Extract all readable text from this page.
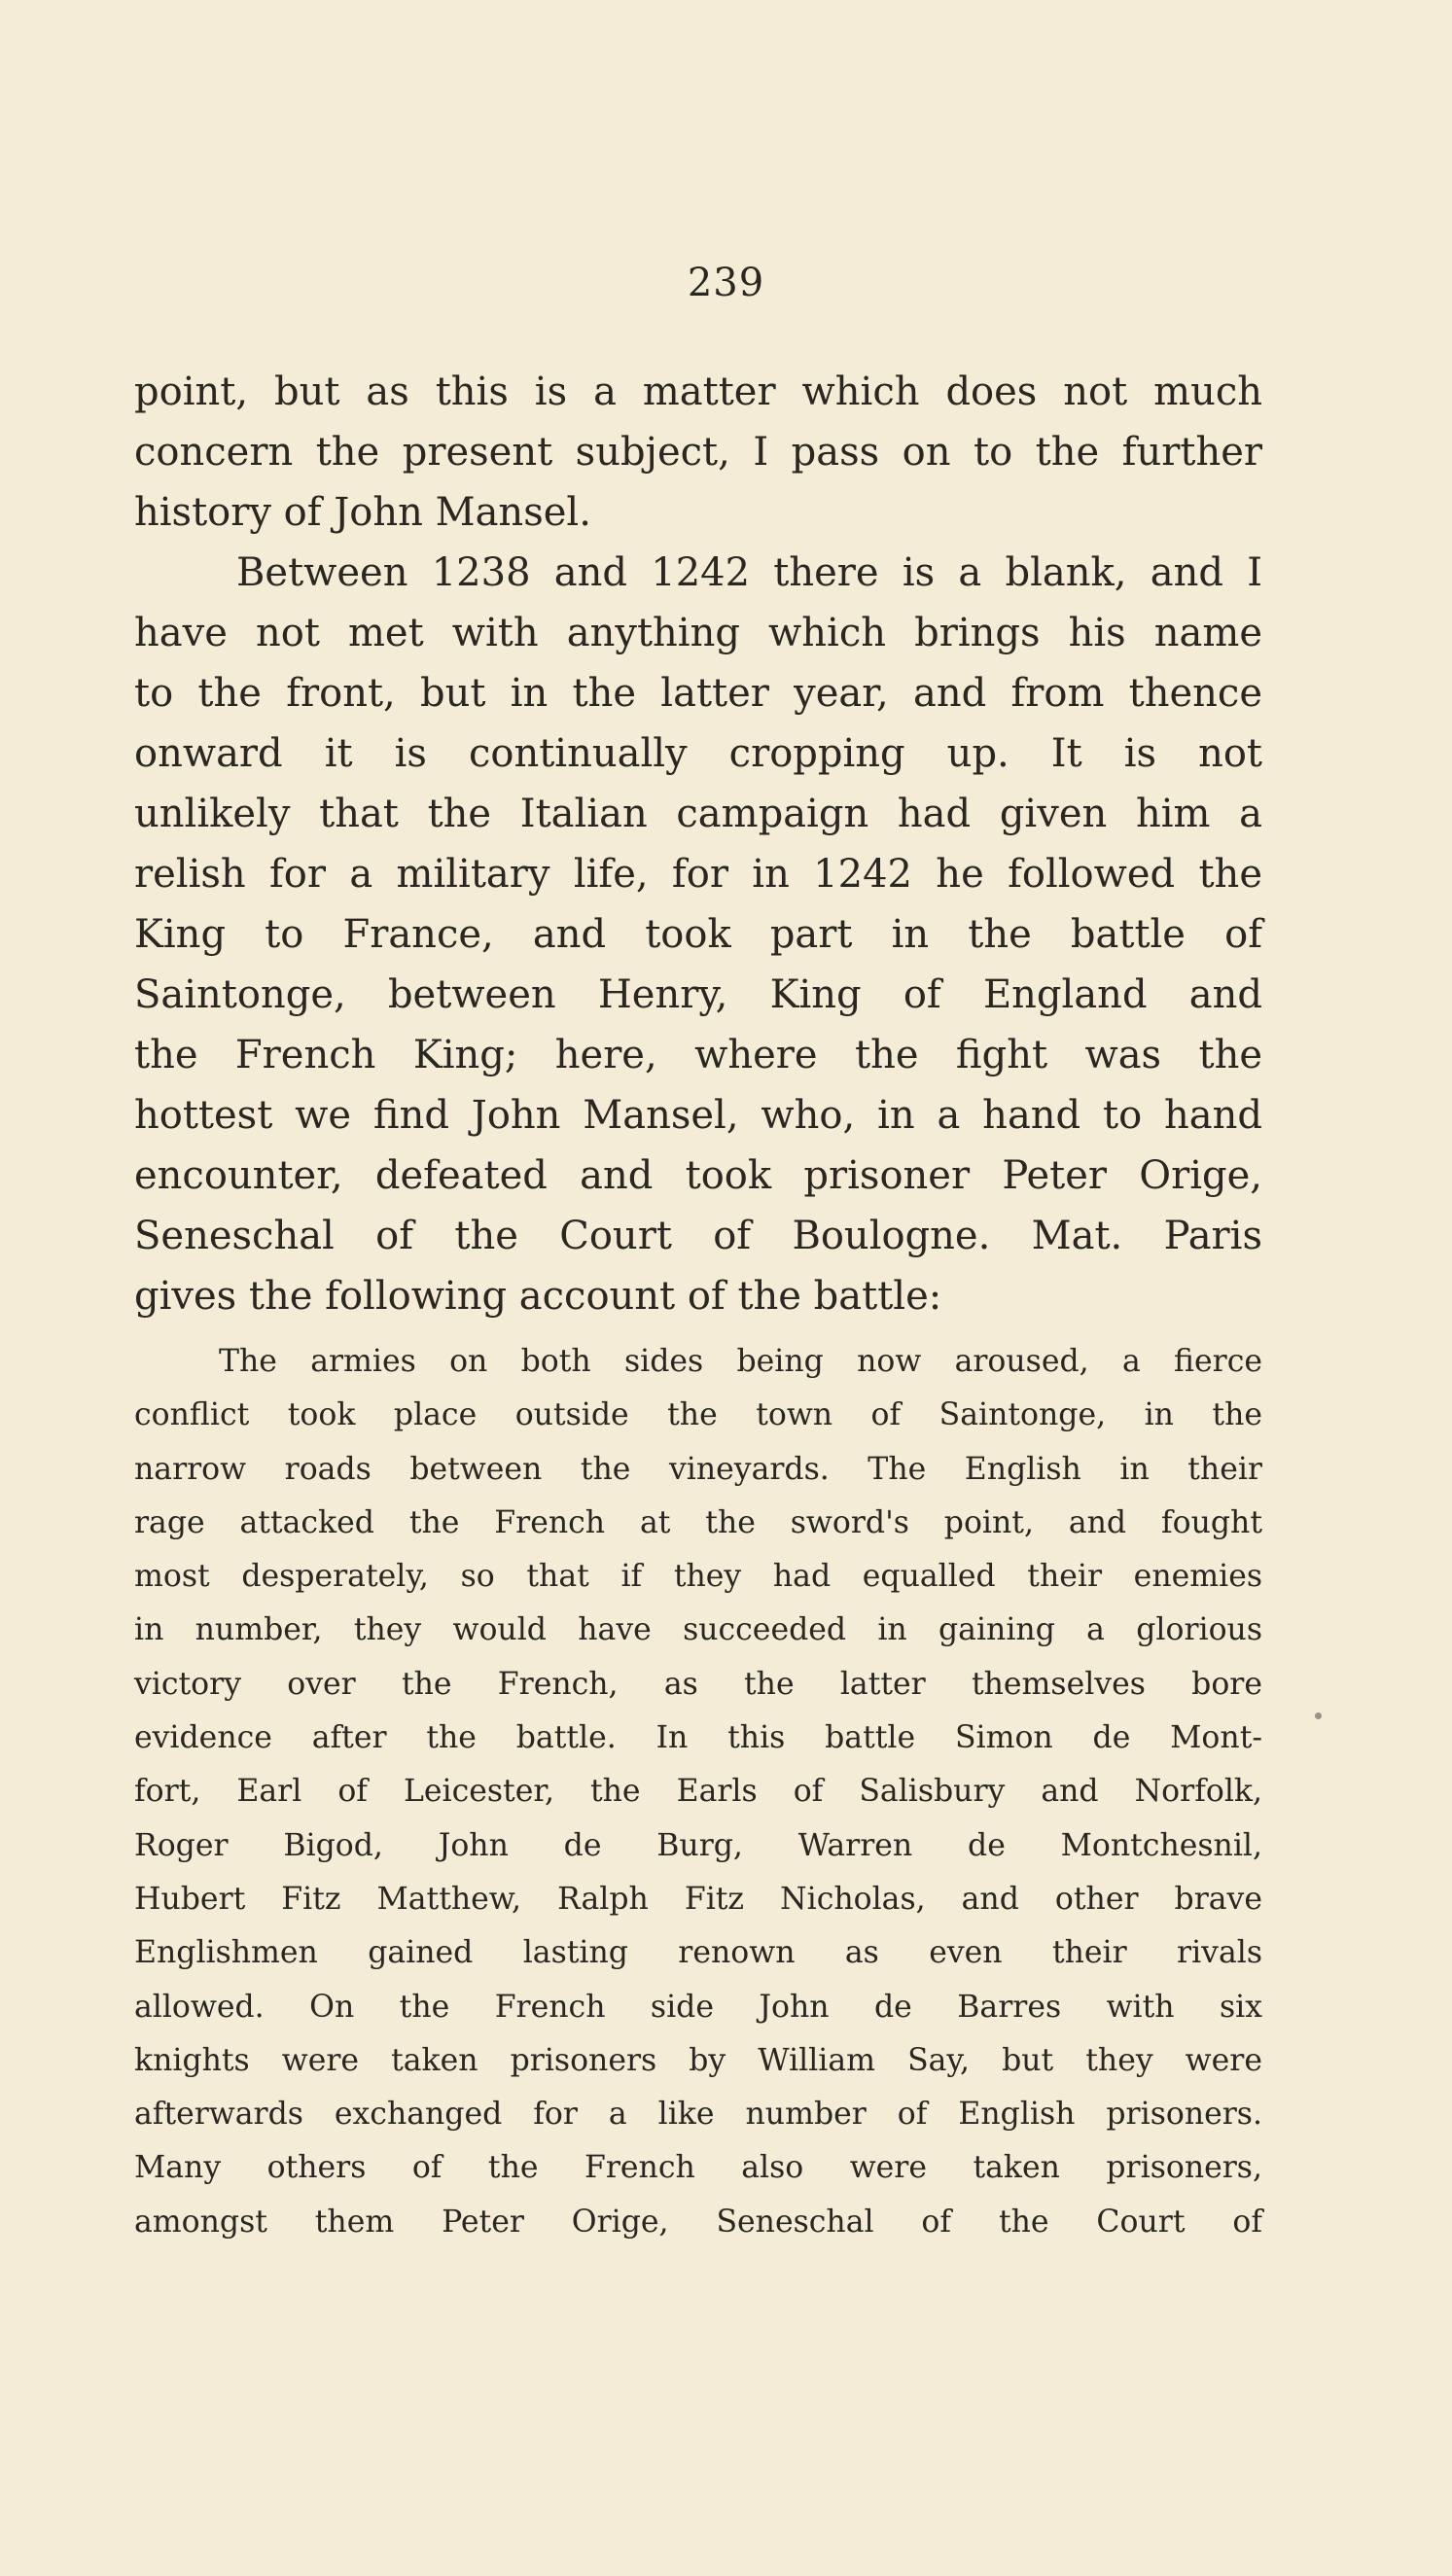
239
point, but as this is a matter which does not much
concern the present subject, I pass on to the further
history of John Mansel.
Between 1238 and 1242 there is a blank, and I
have not met with anything which brings his name
to the front, but in the latter year, and from thence
onward it is continually cropping up. It is not
unlikely that the Italian campaign had given him a
relish for a military life, for in 1242 he followed the
King to France, and took part in the battle of
Saintonge, between Henry, King of England and
the French King; here, where the fight was the
hottest we find John Mansel, who, in a hand to hand
encounter, defeated and took prisoner Peter Orige,
Seneschal of the Court of Boulogne. Mat. Paris
gives the following account of the battle:
The armies on both sides being now aroused, a fierce
conflict took place outside the town of Saintonge, in the
narrow roads between the vineyards. The English in their
rage attacked the French at the sword's point, and fought
most desperately, so that if they had equalled their enemies
in number, they would have succeeded in gaining a glorious
victory over the French, as the latter themselves bore
evidence after the battle. In this battle Simon de Mont-
fort, Earl of Leicester, the Earls of Salisbury and Norfolk,
Roger Bigod, John de Burg, Warren de Montchesnil,
Hubert Fitz Matthew, Ralph Fitz Nicholas, and other brave
Englishmen gained lasting renown as even their rivals
allowed. On the French side John de Barres with six
knights were taken prisoners by William Say, but they were
afterwards exchanged for a like number of English prisoners.
Many others of the French also were taken prisoners,
amongst them Peter Orige, Seneschal of the Court of
